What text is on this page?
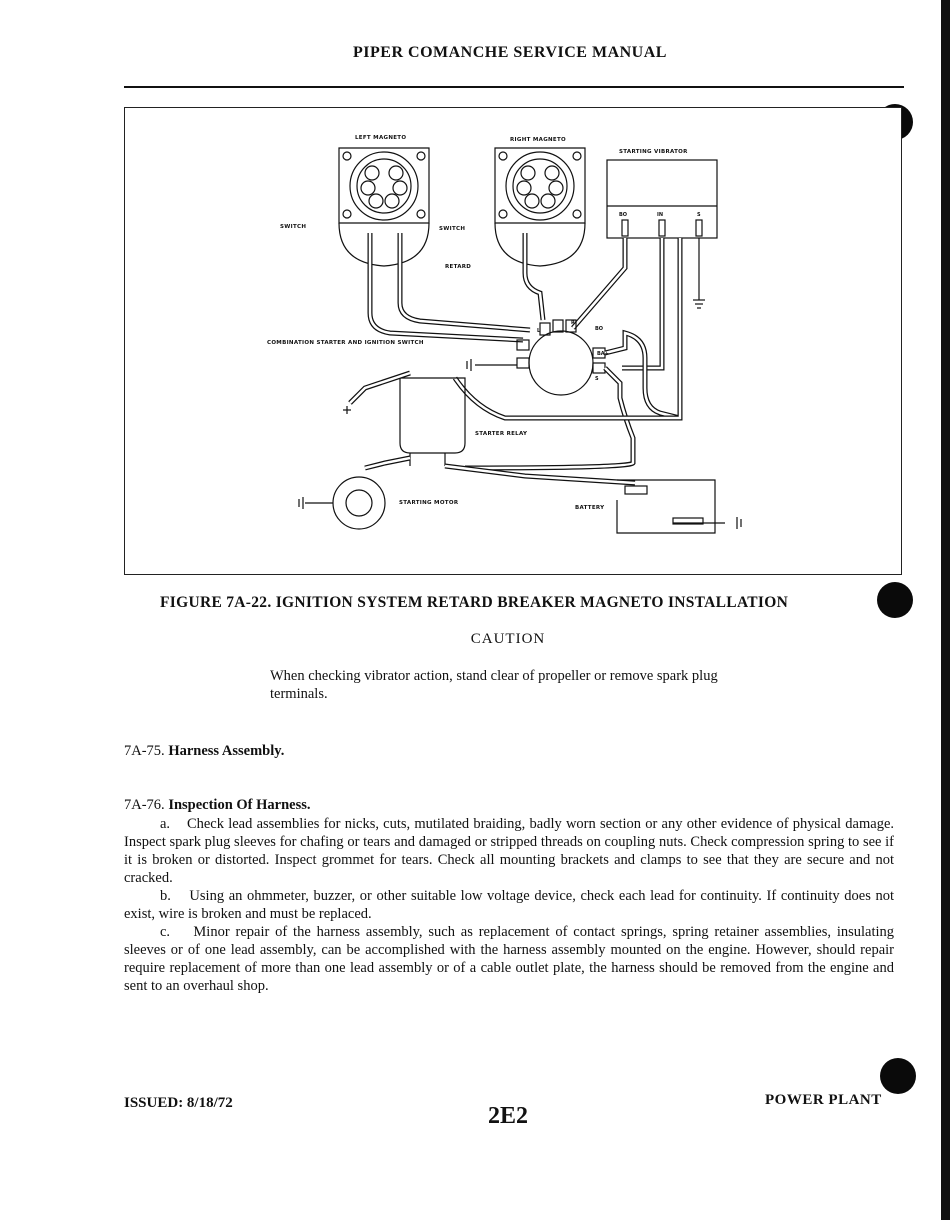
PIPER COMANCHE SERVICE MANUAL
LEFT MAGNETO	RIGHT MAGNETO
STARTING VIBRATOR
SWITCH	SWITCH
RETARD
COMBINATION STARTER AND IGNITION SWITCH
STARTER RELAY
STARTING MOTOR
BATTERY
BO	IN	S
L
R
BO
BA+
S
FIGURE 7A-22. IGNITION SYSTEM RETARD BREAKER MAGNETO INSTALLATION
CAUTION
When checking vibrator action, stand clear of propeller or remove spark plug terminals.
7A-75. Harness Assembly.
7A-76. Inspection Of Harness.

a. Check lead assemblies for nicks, cuts, mutilated braiding, badly worn section or any other evidence of physical damage. Inspect spark plug sleeves for chafing or tears and damaged or stripped threads on coupling nuts. Check compression spring to see if it is broken or distorted. Inspect grommet for tears. Check all mounting brackets and clamps to see that they are secure and not cracked.

b. Using an ohmmeter, buzzer, or other suitable low voltage device, check each lead for continuity. If continuity does not exist, wire is broken and must be replaced.

c. Minor repair of the harness assembly, such as replacement of contact springs, spring retainer assemblies, insulating sleeves or of one lead assembly, can be accomplished with the harness assembly mounted on the engine. However, should repair require replacement of more than one lead assembly or of a cable outlet plate, the harness should be removed from the engine and sent to an overhaul shop.

ISSUED: 8/18/72	2E2
POWER PLANT
